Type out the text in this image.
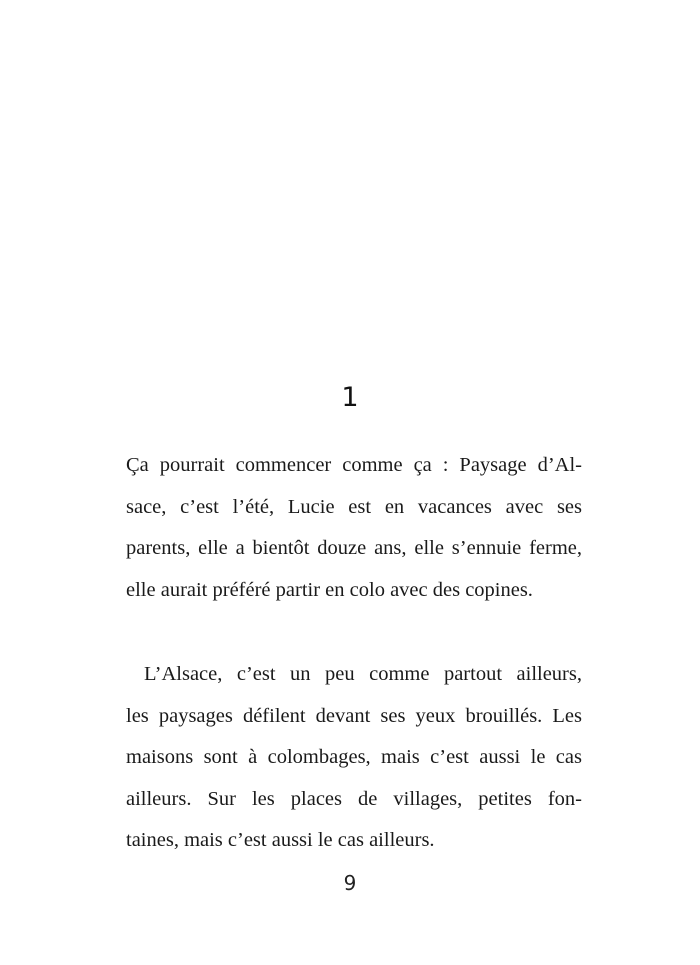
1
Ça pourrait commencer comme ça : Paysage d’Al-
sace, c’est l’été, Lucie est en vacances avec ses
parents, elle a bientôt douze ans, elle s’ennuie ferme,
elle aurait préféré partir en colo avec des copines.
L’Alsace, c’est un peu comme partout ailleurs,
les paysages défilent devant ses yeux brouillés. Les
maisons sont à colombages, mais c’est aussi le cas
ailleurs. Sur les places de villages, petites fon-
taines, mais c’est aussi le cas ailleurs.
9
